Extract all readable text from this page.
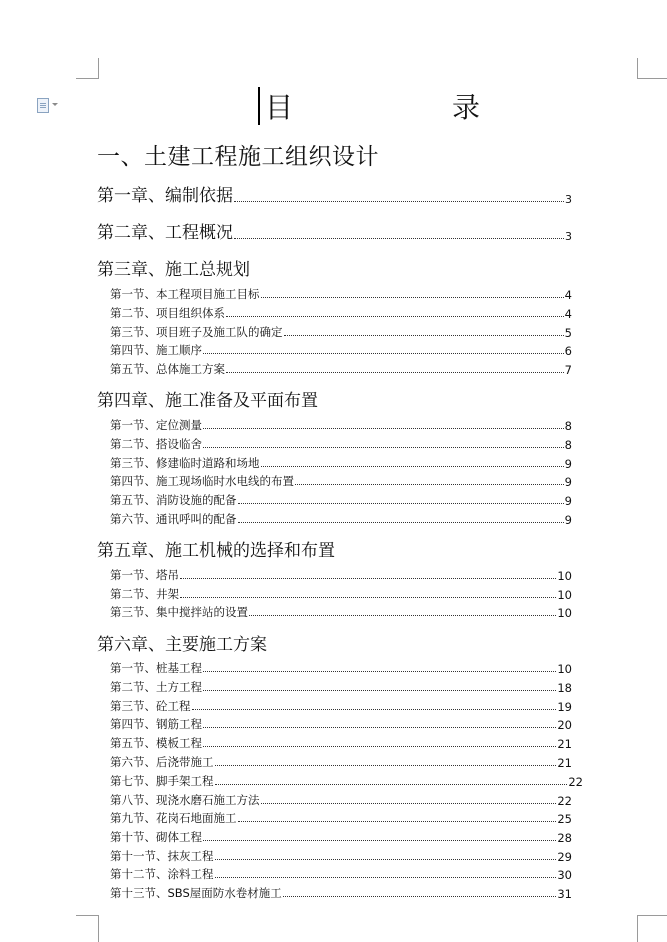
目	录
一、土建工程施工组织设计
第一章、编制依据	3
第二章、工程概况	3
第三章、施工总规划
第一节、本工程项目施工目标	4
第二节、项目组织体系	4
第三节、项目班子及施工队的确定	5
第四节、施工顺序	6
第五节、总体施工方案	7
第四章、施工准备及平面布置
第一节、定位测量	8
第二节、搭设临舍	8
第三节、修建临时道路和场地	9
第四节、施工现场临时水电线的布置	9
第五节、消防设施的配备	9
第六节、通讯呼叫的配备	9
第五章、施工机械的选择和布置
第一节、塔吊	10
第二节、井架	10
第三节、集中搅拌站的设置	10
第六章、主要施工方案
第一节、桩基工程	10
第二节、土方工程	18
第三节、砼工程	19
第四节、钢筋工程	20
第五节、模板工程	21
第六节、后浇带施工	21
第七节、脚手架工程	22
第八节、现浇水磨石施工方法	22
第九节、花岗石地面施工	25
第十节、砌体工程	28
第十一节、抹灰工程	29
第十二节、涂料工程	30
第十三节、SBS屋面防水卷材施工	31
